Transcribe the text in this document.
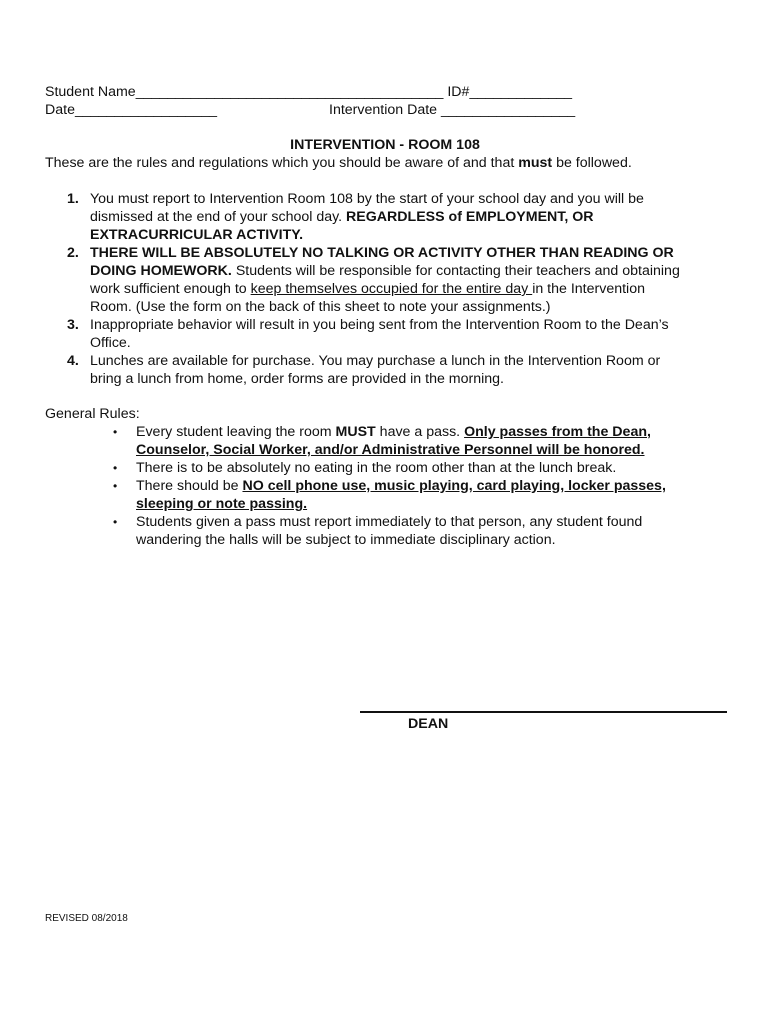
Student Name_______________________________________ ID#_____________
Date__________________	Intervention Date _________________
INTERVENTION - ROOM 108
These are the rules and regulations which you should be aware of and that must be followed.
1. You must report to Intervention Room 108 by the start of your school day and you will be
dismissed at the end of your school day. REGARDLESS of EMPLOYMENT, OR
EXTRACURRICULAR ACTIVITY.
2. THERE WILL BE ABSOLUTELY NO TALKING OR ACTIVITY OTHER THAN READING OR
DOING HOMEWORK. Students will be responsible for contacting their teachers and obtaining
work sufficient enough to keep themselves occupied for the entire day in the Intervention
Room. (Use the form on the back of this sheet to note your assignments.)
3. Inappropriate behavior will result in you being sent from the Intervention Room to the Dean’s
Office.
4. Lunches are available for purchase. You may purchase a lunch in the Intervention Room or
bring a lunch from home, order forms are provided in the morning.
General Rules:
• Every student leaving the room MUST have a pass. Only passes from the Dean,
Counselor, Social Worker, and/or Administrative Personnel will be honored.
• There is to be absolutely no eating in the room other than at the lunch break.
• There should be NO cell phone use, music playing, card playing, locker passes,
sleeping or note passing.
• Students given a pass must report immediately to that person, any student found
wandering the halls will be subject to immediate disciplinary action.
DEAN
REVISED 08/2018
